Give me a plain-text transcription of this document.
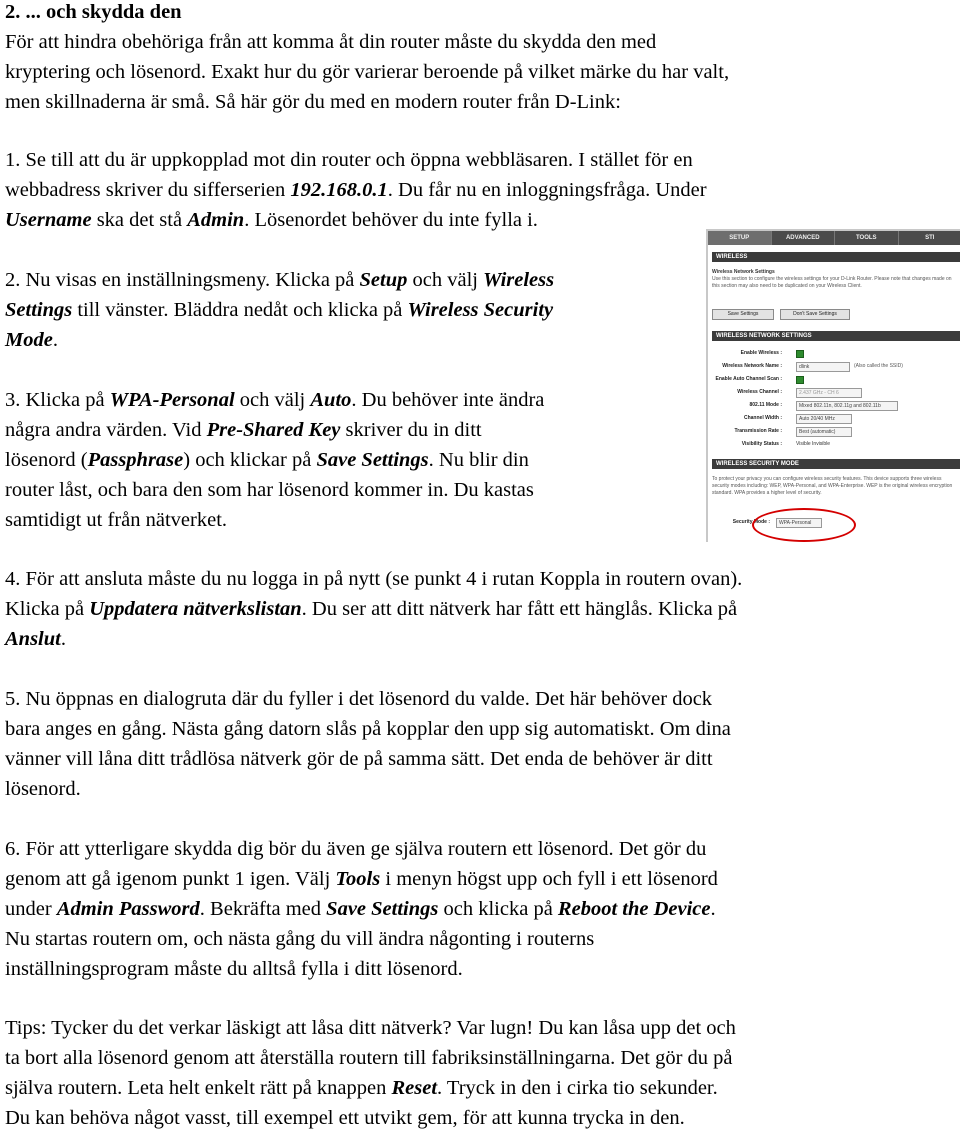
2. ... och skydda den
För att hindra obehöriga från att komma åt din router måste du skydda den med
kryptering och lösenord. Exakt hur du gör varierar beroende på vilket märke du har valt,
men skillnaderna är små. Så här gör du med en modern router från D-Link:
1. Se till att du är uppkopplad mot din router och öppna webbläsaren. I stället för en
webbadress skriver du sifferserien 192.168.0.1. Du får nu en inloggningsfråga. Under
Username ska det stå Admin. Lösenordet behöver du inte fylla i.
2. Nu visas en inställningsmeny. Klicka på Setup och välj Wireless
Settings till vänster. Bläddra nedåt och klicka på Wireless Security
Mode.
3. Klicka på WPA-Personal och välj Auto. Du behöver inte ändra
några andra värden. Vid Pre-Shared Key skriver du in ditt
lösenord (Passphrase) och klickar på Save Settings. Nu blir din
router låst, och bara den som har lösenord kommer in. Du kastas
samtidigt ut från nätverket.
4. För att ansluta måste du nu logga in på nytt (se punkt 4 i rutan Koppla in routern ovan).
Klicka på Uppdatera nätverkslistan. Du ser att ditt nätverk har fått ett hänglås. Klicka på
Anslut.
5. Nu öppnas en dialogruta där du fyller i det lösenord du valde. Det här behöver dock
bara anges en gång. Nästa gång datorn slås på kopplar den upp sig automatiskt. Om dina
vänner vill låna ditt trådlösa nätverk gör de på samma sätt. Det enda de behöver är ditt
lösenord.
6. För att ytterligare skydda dig bör du även ge själva routern ett lösenord. Det gör du
genom att gå igenom punkt 1 igen. Välj Tools i menyn högst upp och fyll i ett lösenord
under Admin Password. Bekräfta med Save Settings och klicka på Reboot the Device.
Nu startas routern om, och nästa gång du vill ändra någonting i routerns
inställningsprogram måste du alltså fylla i ditt lösenord.
Tips: Tycker du det verkar läskigt att låsa ditt nätverk? Var lugn! Du kan låsa upp det och
ta bort alla lösenord genom att återställa routern till fabriksinställningarna. Det gör du på
själva routern. Leta helt enkelt rätt på knappen Reset. Tryck in den i cirka tio sekunder.
Du kan behöva något vasst, till exempel ett utvikt gem, för att kunna trycka in den.
SETUP	ADVANCED	TOOLS	STI
WIRELESS
Wireless Network Settings
Use this section to configure the wireless settings for your D-Link Router. Please note that changes made on this section may also need to be duplicated on your Wireless Client.
Save Settings	Don't Save Settings
WIRELESS NETWORK SETTINGS
Enable Wireless :
Wireless Network Name :	dlink	(Also called the SSID)
Enable Auto Channel Scan :
Wireless Channel :	2.437 GHz - CH 6
802.11 Mode :	Mixed 802.11n, 802.11g and 802.11b
Channel Width :	Auto 20/40 MHz
Transmission Rate :	Best (automatic)
Visibility Status :	Visible Invisible
WIRELESS SECURITY MODE
To protect your privacy you can configure wireless security features. This device supports three wireless security modes including: WEP, WPA-Personal, and WPA-Enterprise. WEP is the original wireless encryption standard. WPA provides a higher level of security.
Security Mode :	WPA-Personal
